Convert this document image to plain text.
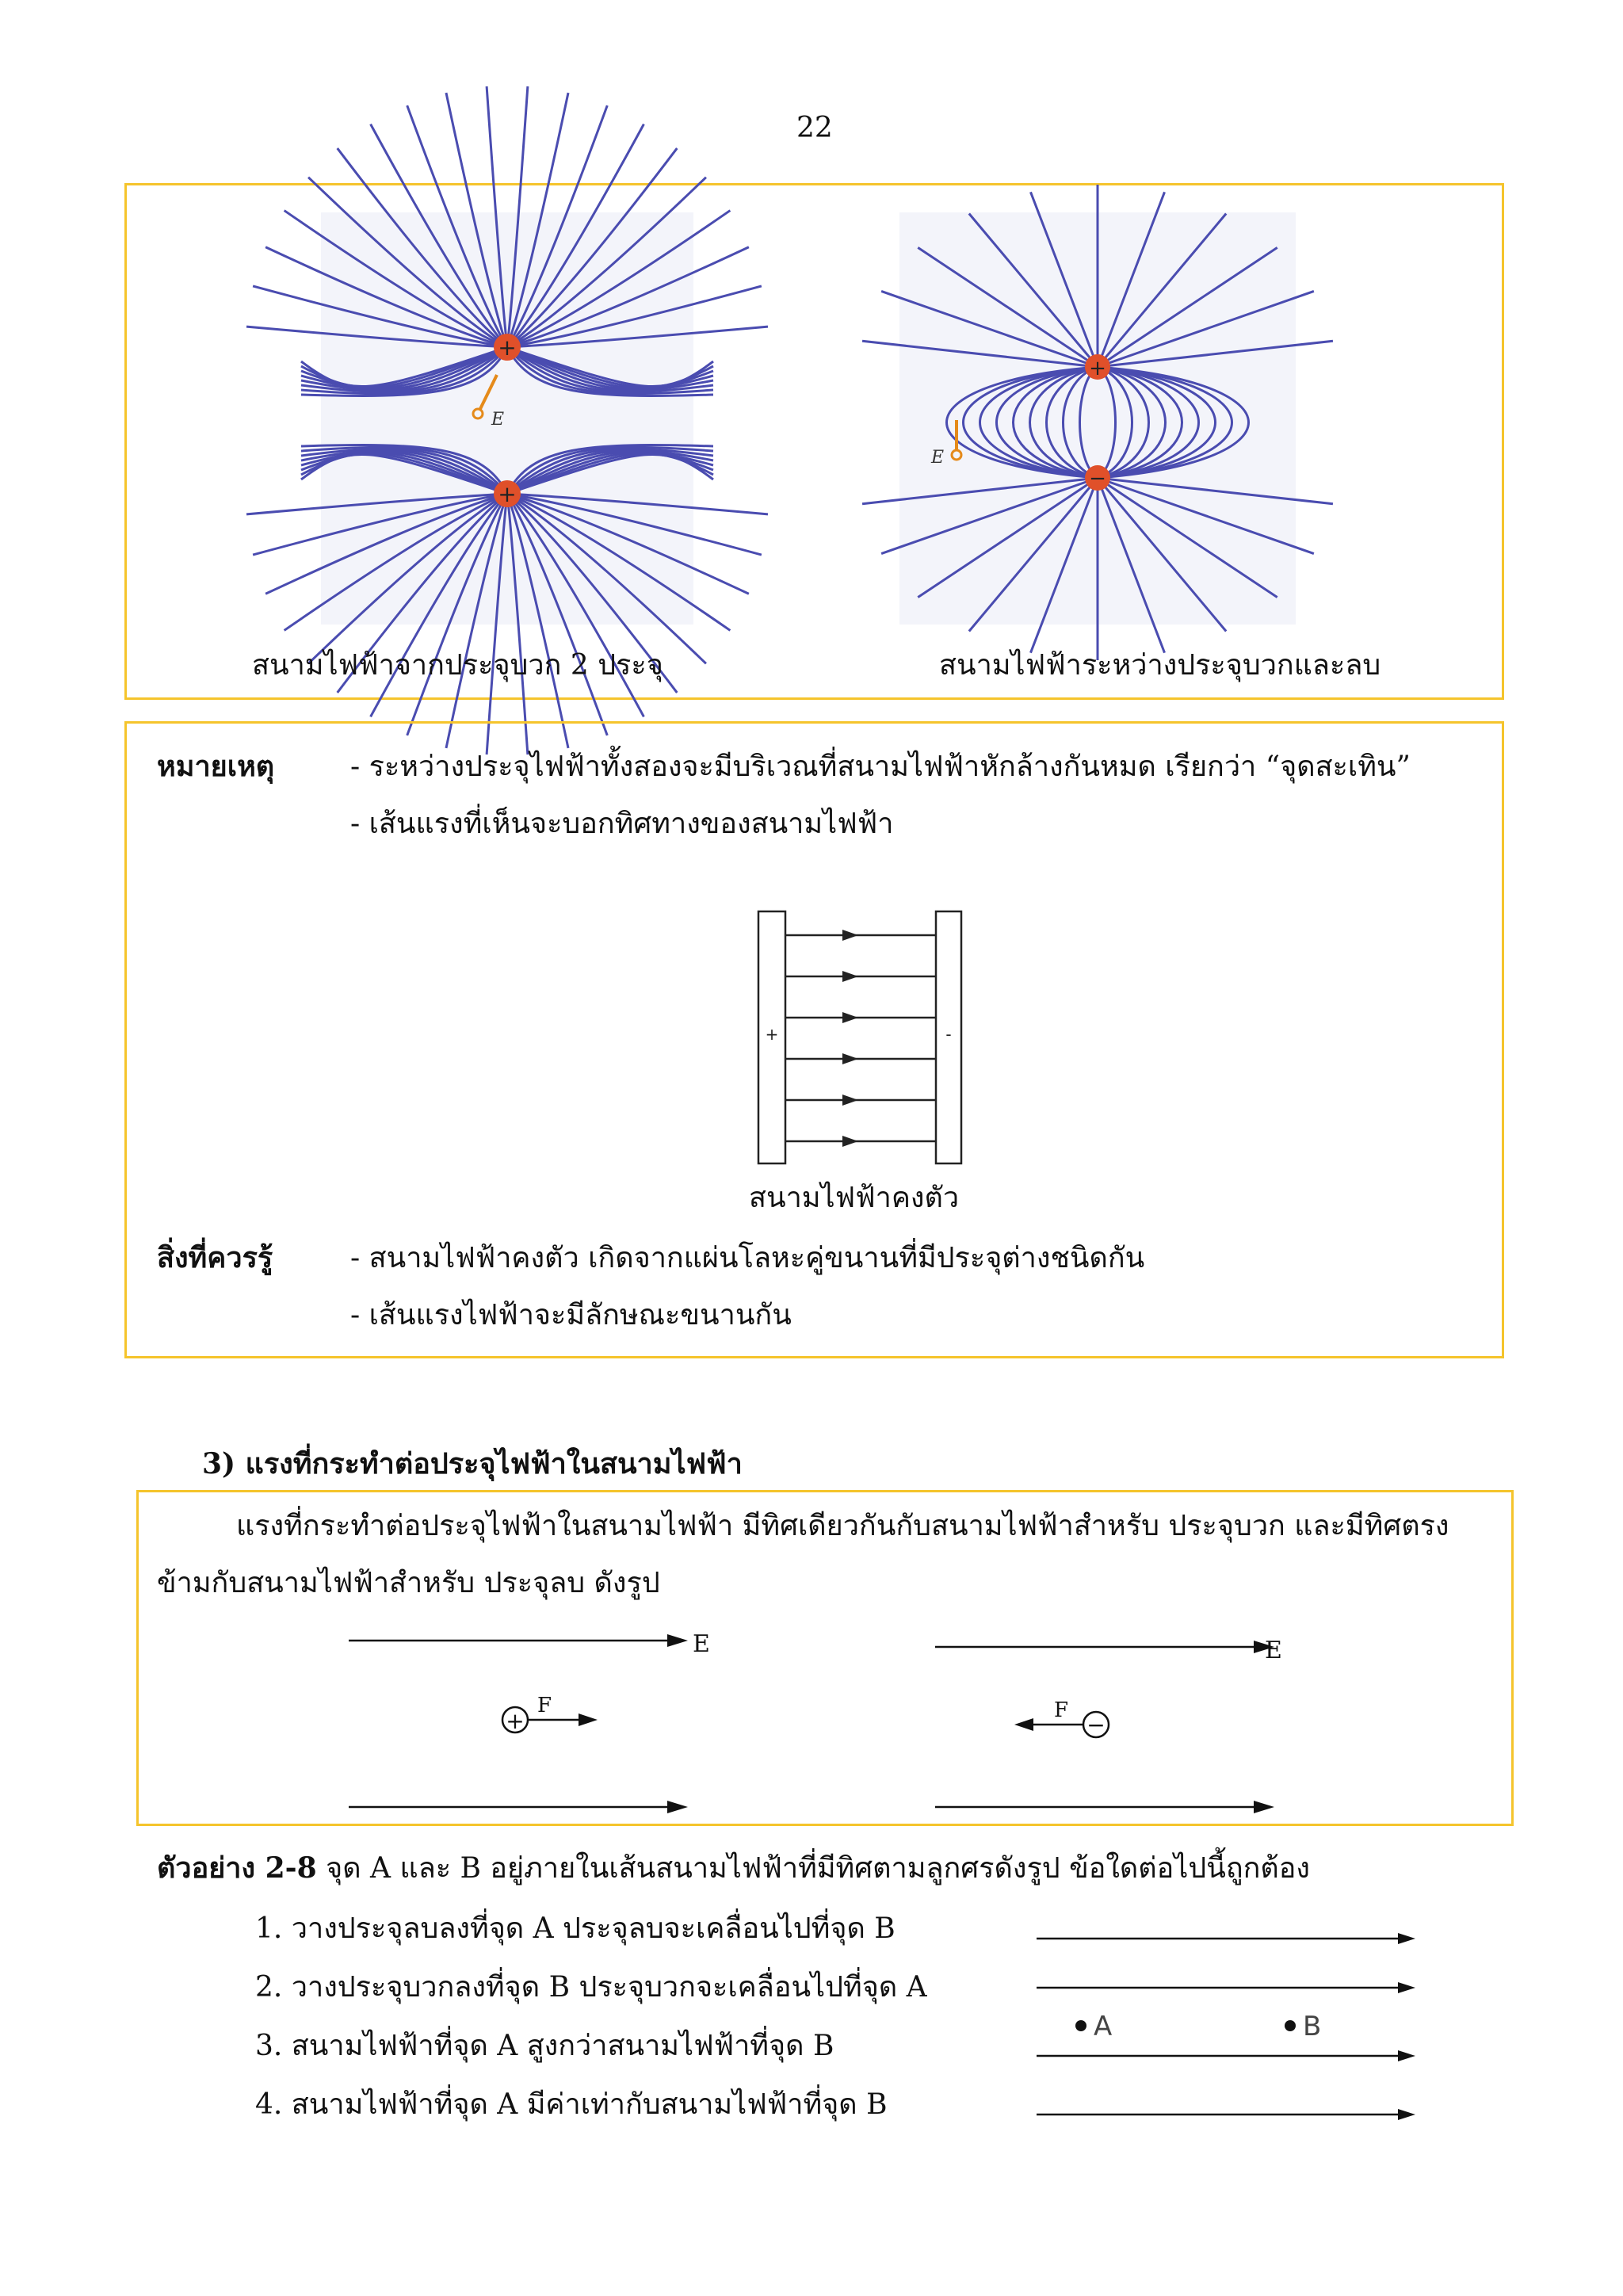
22
+
+
E
+
−
E
สนามไฟฟ้าจากประจุบวก 2 ประจุ	สนามไฟฟ้าระหว่างประจุบวกและลบ
หมายเหตุ	- ระหว่างประจุไฟฟ้าทั้งสองจะมีบริเวณที่สนามไฟฟ้าหักล้างกันหมด เรียกว่า “จุดสะเทิน”
- เส้นแรงที่เห็นจะบอกทิศทางของสนามไฟฟ้า
+	-
สนามไฟฟ้าคงตัว
สิ่งที่ควรรู้	- สนามไฟฟ้าคงตัว เกิดจากแผ่นโลหะคู่ขนานที่มีประจุต่างชนิดกัน
- เส้นแรงไฟฟ้าจะมีลักษณะขนานกัน
3) แรงที่กระทำต่อประจุไฟฟ้าในสนามไฟฟ้า
แรงที่กระทำต่อประจุไฟฟ้าในสนามไฟฟ้า มีทิศเดียวกันกับสนามไฟฟ้าสำหรับ ประจุบวก และมีทิศตรง
ข้ามกับสนามไฟฟ้าสำหรับ ประจุลบ ดังรูป
E
+
F
E
−
F
ตัวอย่าง 2-8 จุด A และ B อยู่ภายในเส้นสนามไฟฟ้าที่มีทิศตามลูกศรดังรูป ข้อใดต่อไปนี้ถูกต้อง
1. วางประจุลบลงที่จุด A ประจุลบจะเคลื่อนไปที่จุด B
2. วางประจุบวกลงที่จุด B ประจุบวกจะเคลื่อนไปที่จุด A
3. สนามไฟฟ้าที่จุด A สูงกว่าสนามไฟฟ้าที่จุด B
4. สนามไฟฟ้าที่จุด A มีค่าเท่ากับสนามไฟฟ้าที่จุด B
A	B
